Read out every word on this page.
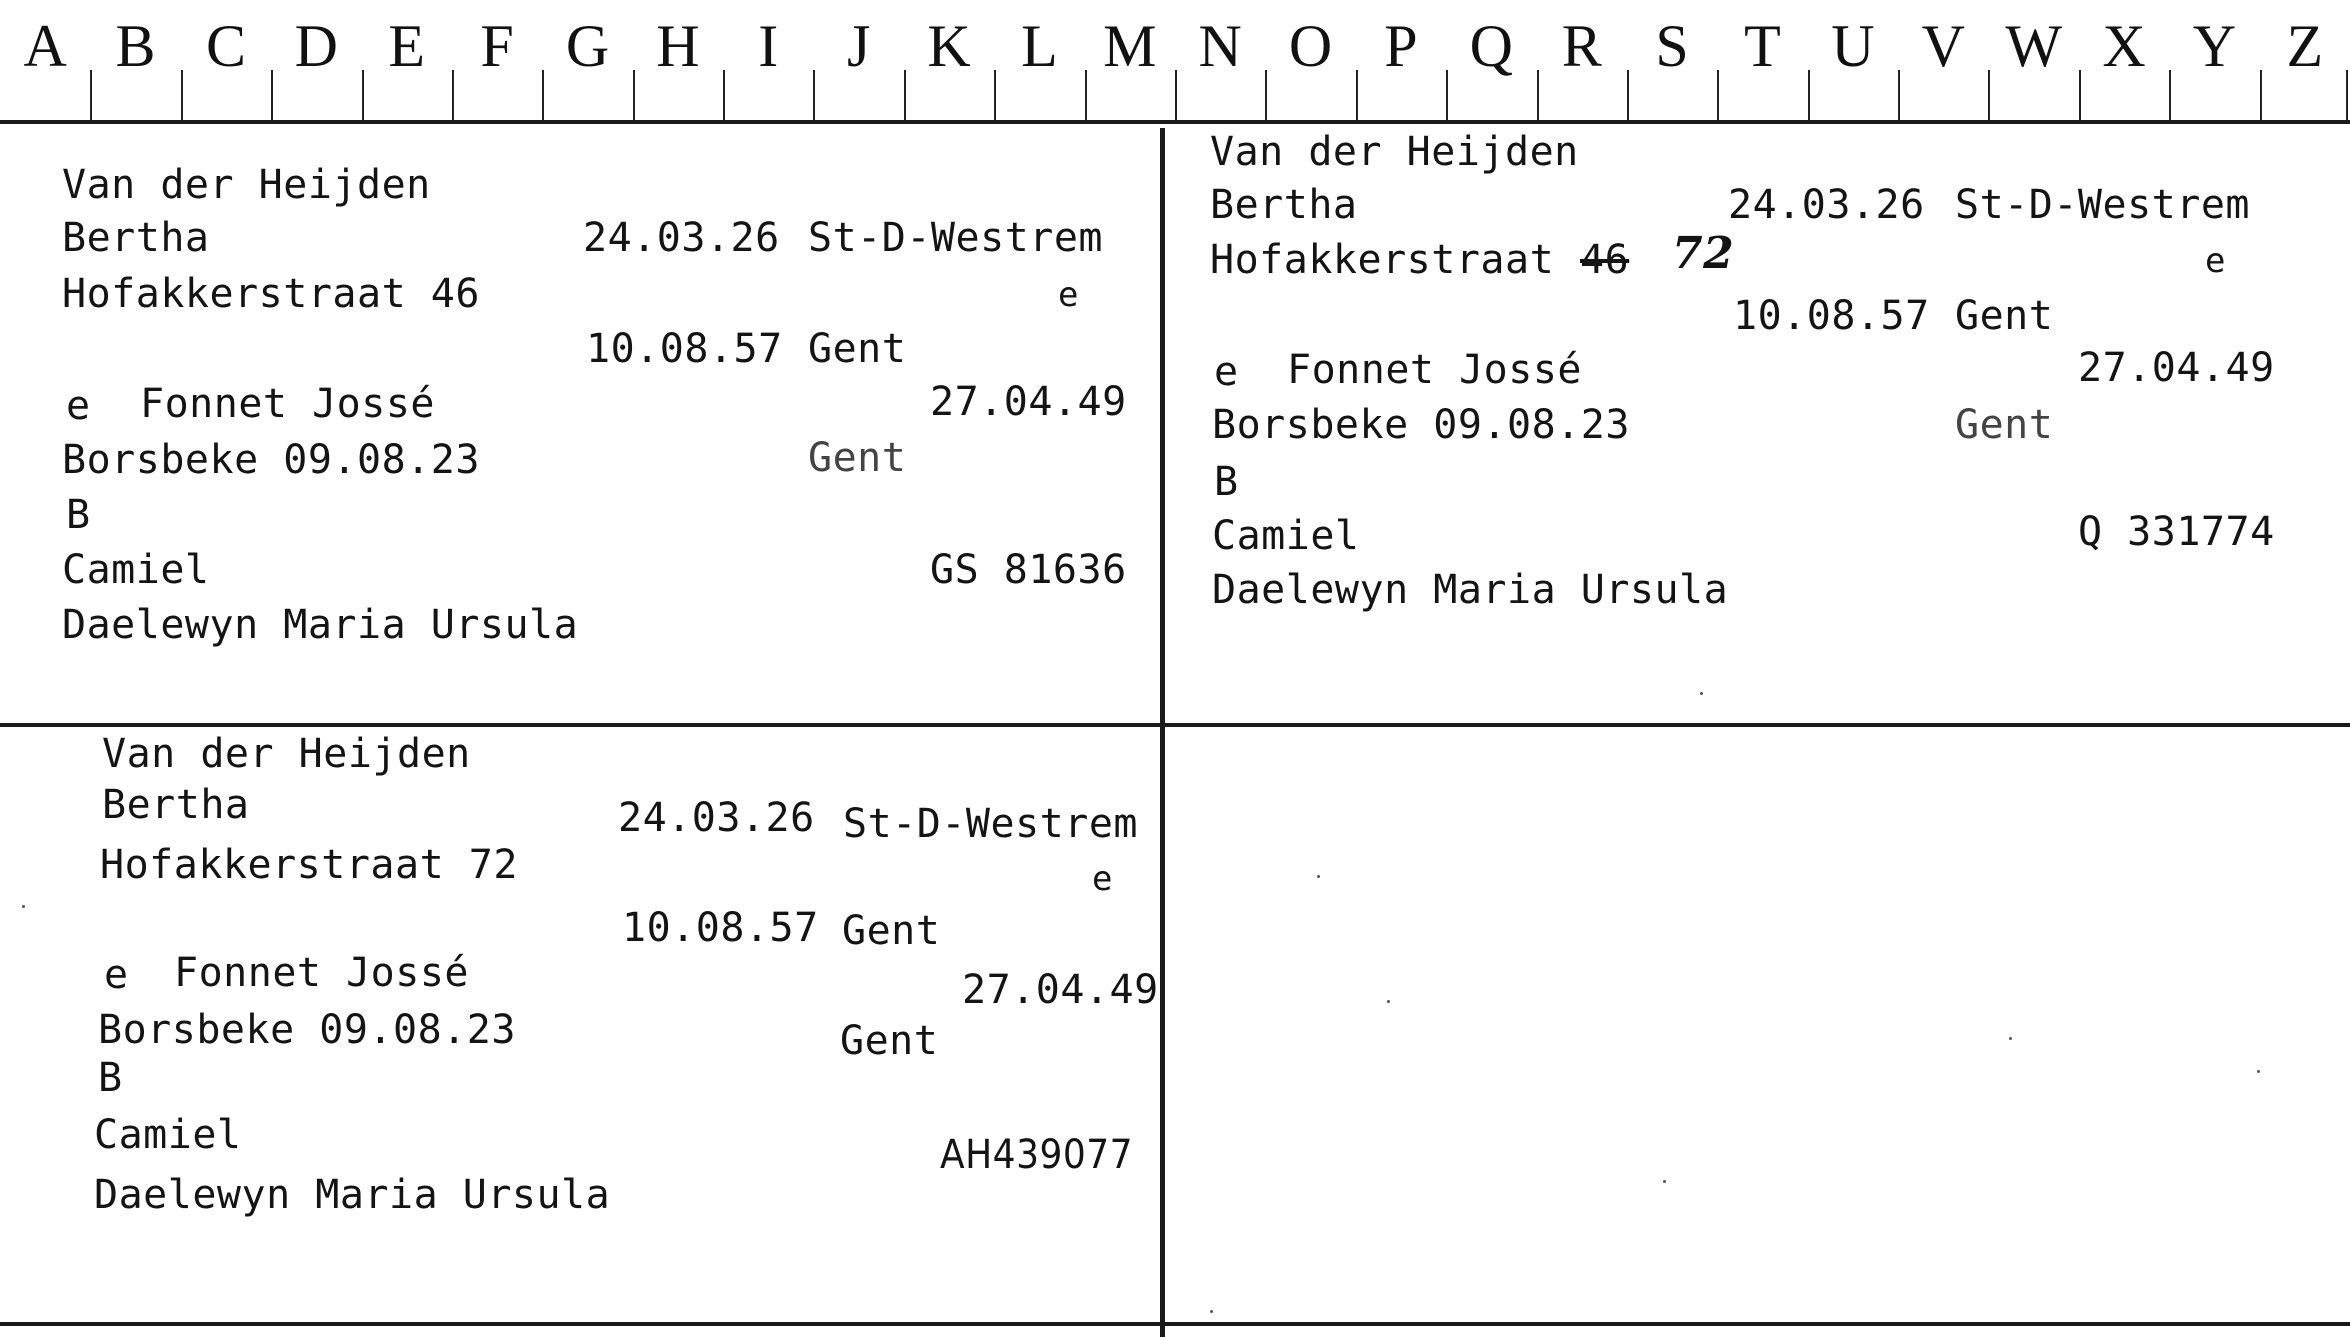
A B C D E F G H I	J K L M N O P Q R S T U V W X Y Z
Van der Heijden
Bertha	24.03.26 St-D-Westrem
Hofakkerstraat 46	e
10.08.57 Gent
e Fonnet Jossé	27.04.49
Borsbeke 09.08.23	Gent
B
Camiel	GS 81636
Daelewyn Maria Ursula
Van der Heijden
Bertha	24.03.26 St-D-Westrem
Hofakkerstraat 46 72	e
10.08.57 Gent
e Fonnet Jossé	27.04.49
Borsbeke 09.08.23	Gent
B
Camiel	Q 331774
Daelewyn Maria Ursula
Van der Heijden
Bertha	24.03.26 St-D-Westrem
Hofakkerstraat 72	e
10.08.57 Gent
e Fonnet Jossé	27.04.49
Borsbeke 09.08.23	Gent
B
Camiel	AH439077
Daelewyn Maria Ursula
